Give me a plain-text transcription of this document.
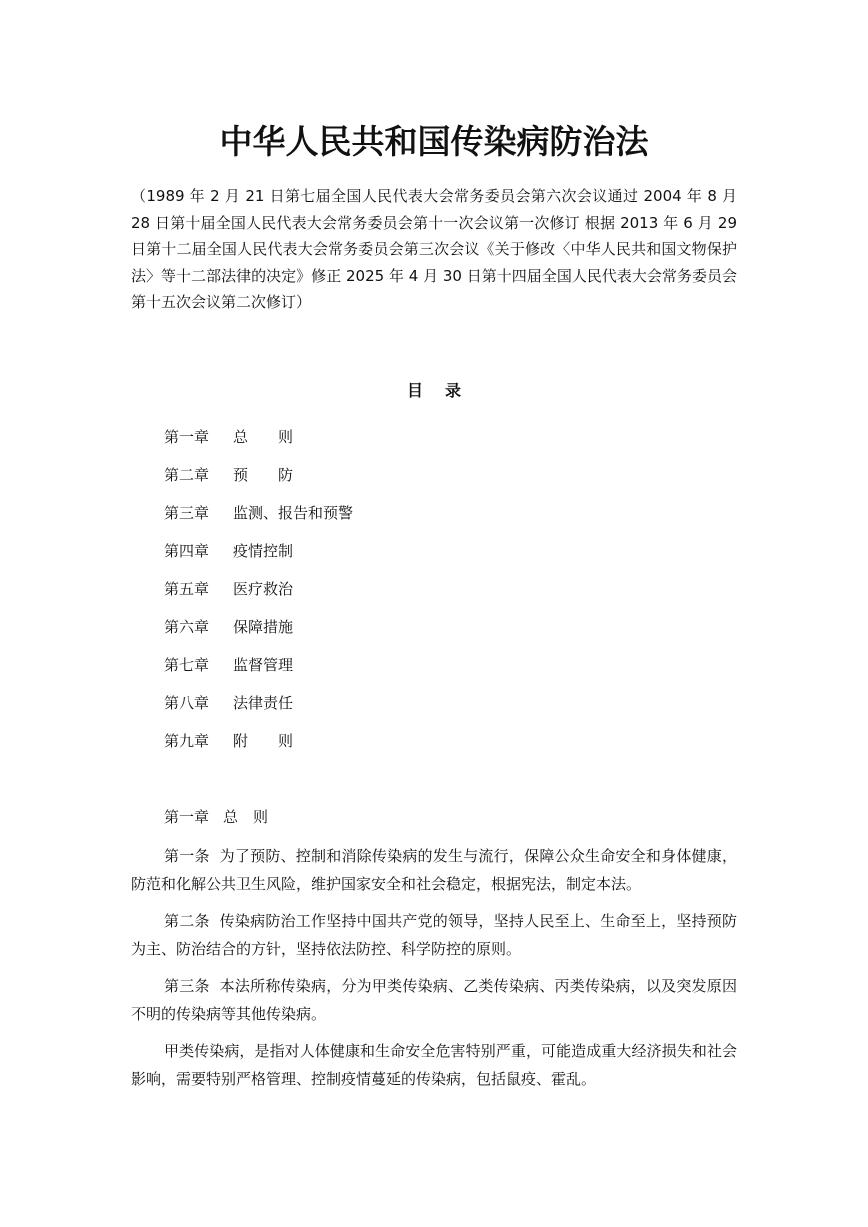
中华人民共和国传染病防治法
（1989 年 2 月 21 日第七届全国人民代表大会常务委员会第六次会议通过 2004 年 8 月 28 日第十届全国人民代表大会常务委员会第十一次会议第一次修订 根据 2013 年 6 月 29 日第十二届全国人民代表大会常务委员会第三次会议《关于修改〈中华人民共和国文物保护法〉等十二部法律的决定》修正 2025 年 4 月 30 日第十四届全国人民代表大会常务委员会第十五次会议第二次修订）
目 录
第一章 总　　则
第二章 预　　防
第三章 监测、报告和预警
第四章 疫情控制
第五章 医疗救治
第六章 保障措施
第七章 监督管理
第八章 法律责任
第九章 附　　则
第一章 总　则

第一条 为了预防、控制和消除传染病的发生与流行，保障公众生命安全和身体健康，防范和化解公共卫生风险，维护国家安全和社会稳定，根据宪法，制定本法。

第二条 传染病防治工作坚持中国共产党的领导，坚持人民至上、生命至上，坚持预防为主、防治结合的方针，坚持依法防控、科学防控的原则。

第三条 本法所称传染病，分为甲类传染病、乙类传染病、丙类传染病，以及突发原因不明的传染病等其他传染病。

甲类传染病，是指对人体健康和生命安全危害特别严重，可能造成重大经济损失和社会影响，需要特别严格管理、控制疫情蔓延的传染病，包括鼠疫、霍乱。
